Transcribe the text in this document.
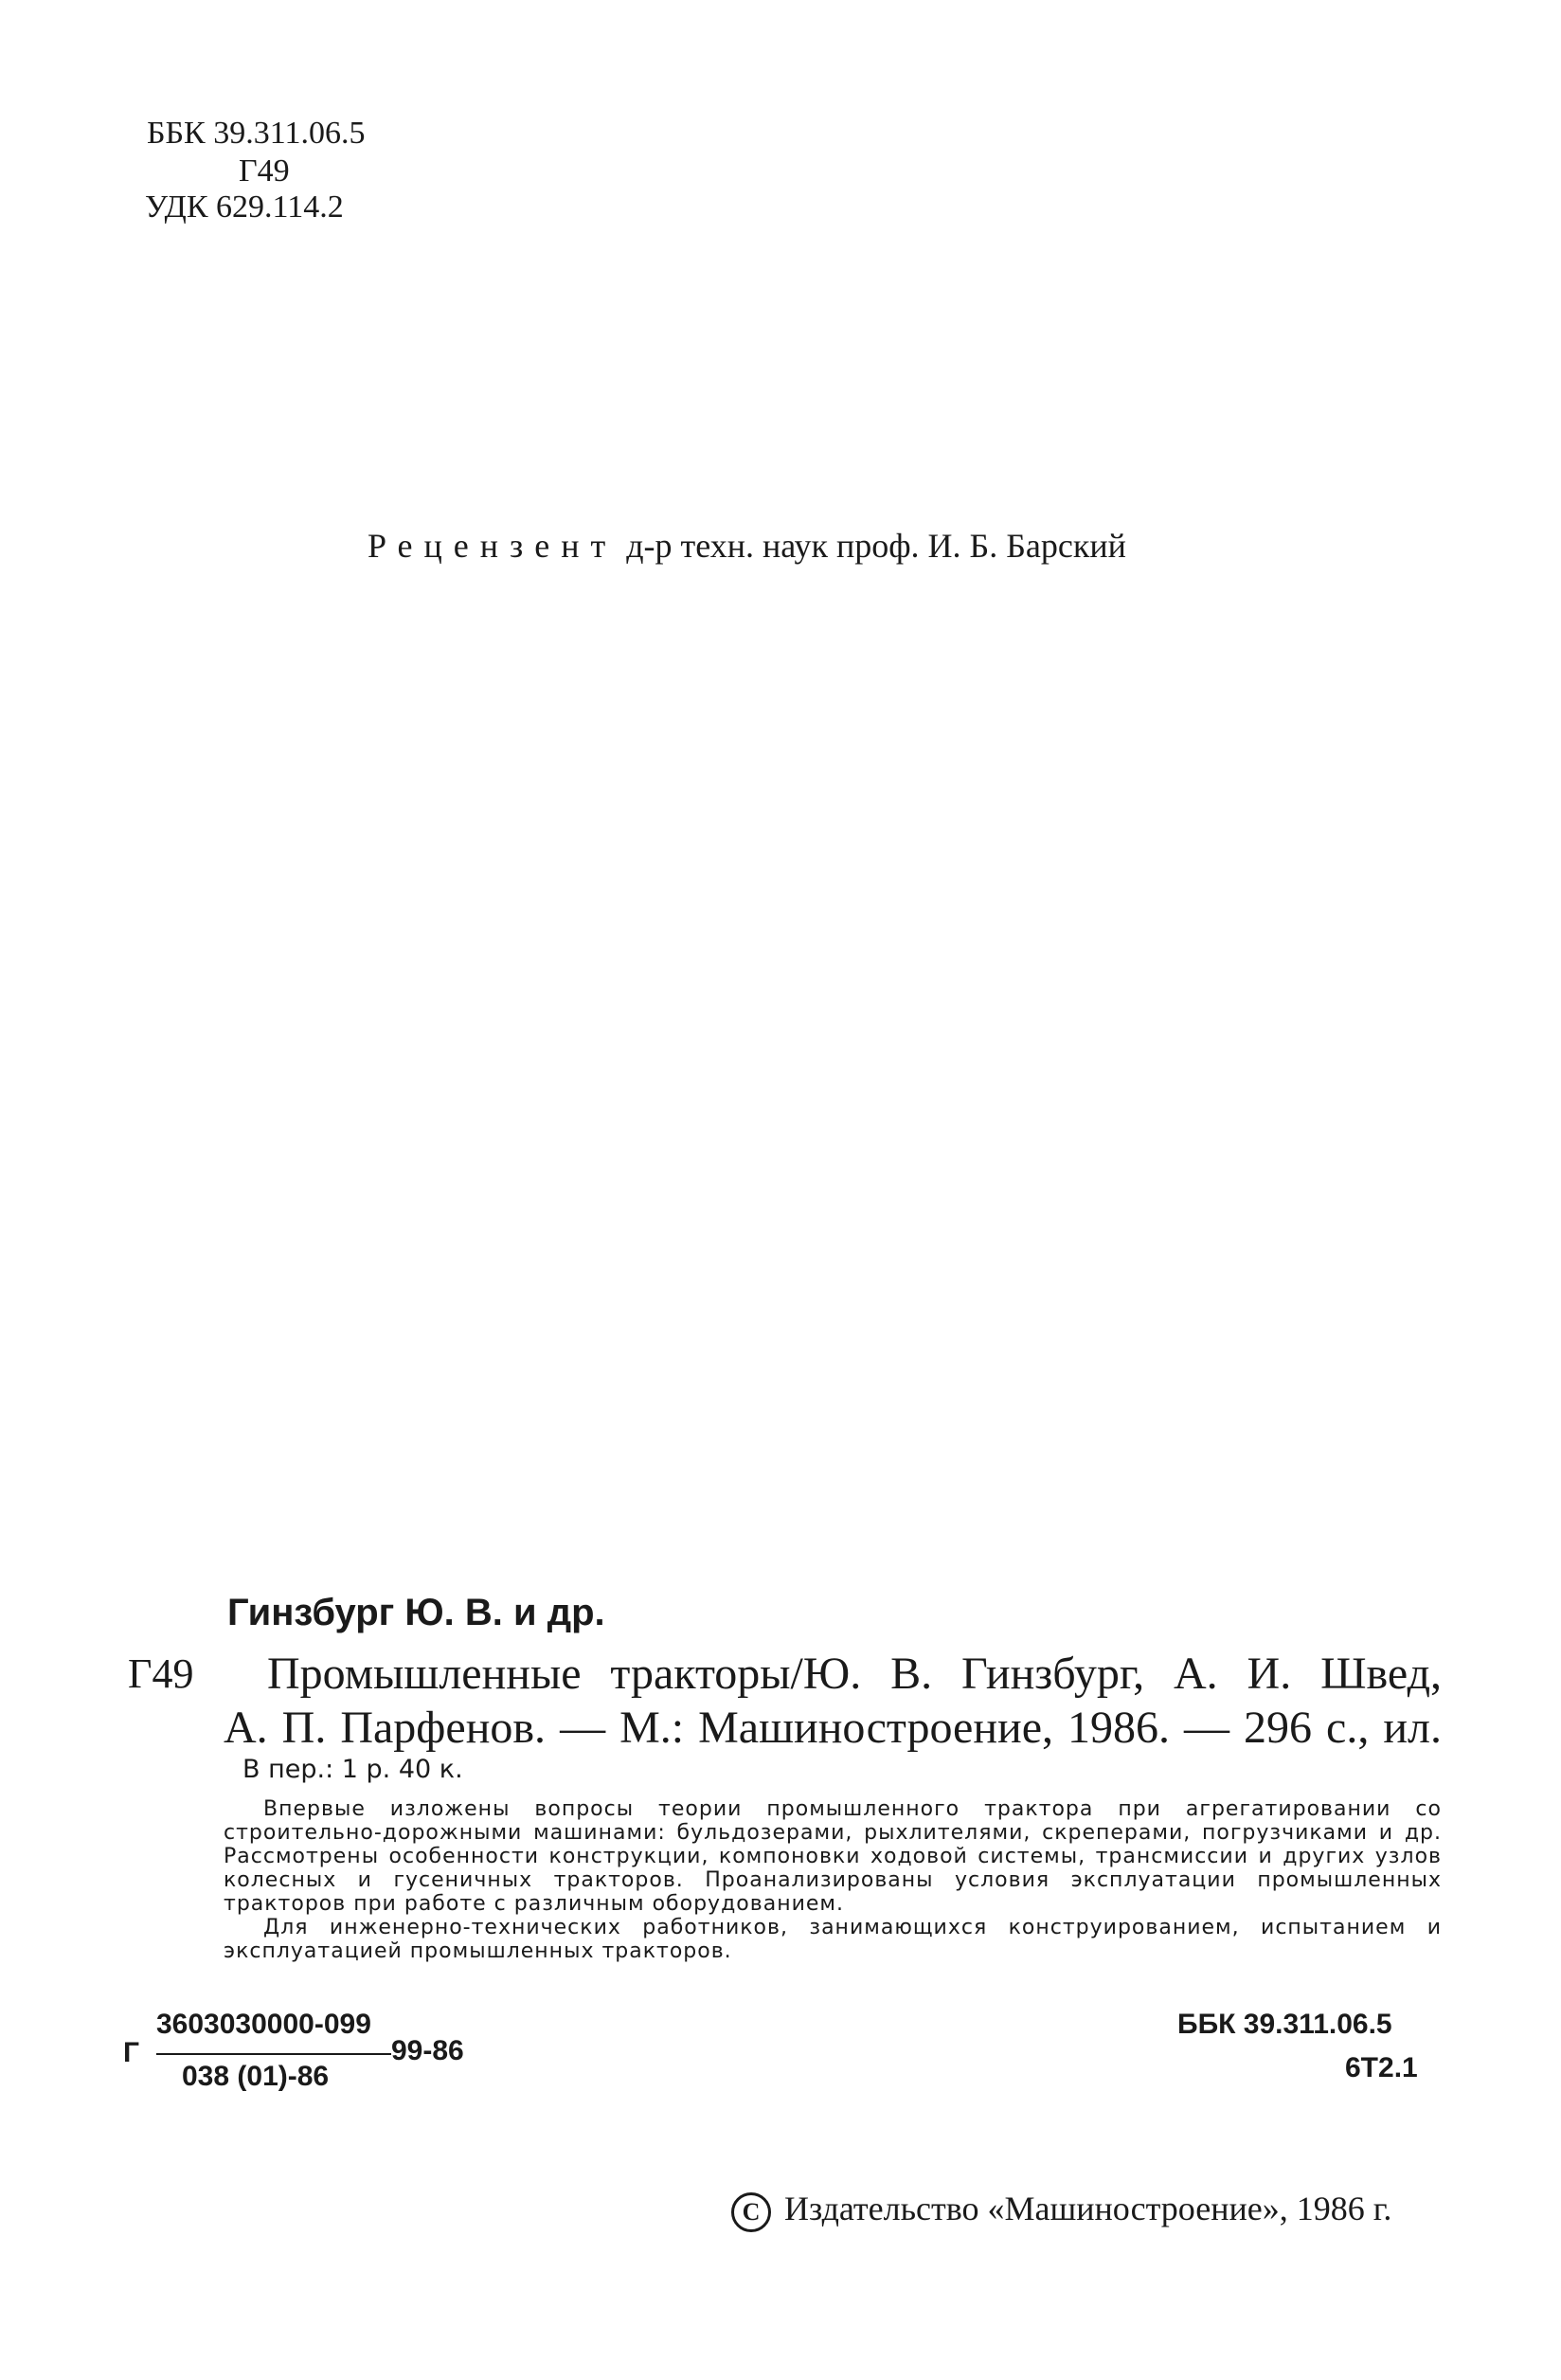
ББК 39.311.06.5
Г49
УДК 629.114.2
Рецензент д-р техн. наук проф. И. Б. Барский
Гинзбург Ю. В. и др.
Г49 Промышленные тракторы/Ю. В. Гинзбург, А. И. Швед,
А. П. Парфенов. — М.: Машиностроение, 1986. — 296 с., ил.
В пер.: 1 р. 40 к.

Впервые изложены вопросы теории промышленного трактора при агрегатировании со строительно-дорожными машинами: бульдозерами, рыхлителями, скреперами, погрузчиками и др. Рассмотрены особенности конструкции, компоновки ходовой системы, трансмиссии и других узлов колесных и гусеничных тракторов. Проанализированы условия эксплуатации промышленных тракторов при работе с различным оборудованием.

Для инженерно-технических работников, занимающихся конструированием, испытанием и эксплуатацией промышленных тракторов.

Г
3603030000-099
038 (01)-86
99-86
ББК 39.311.06.5
6Т2.1
С Издательство «Машиностроение», 1986 г.
